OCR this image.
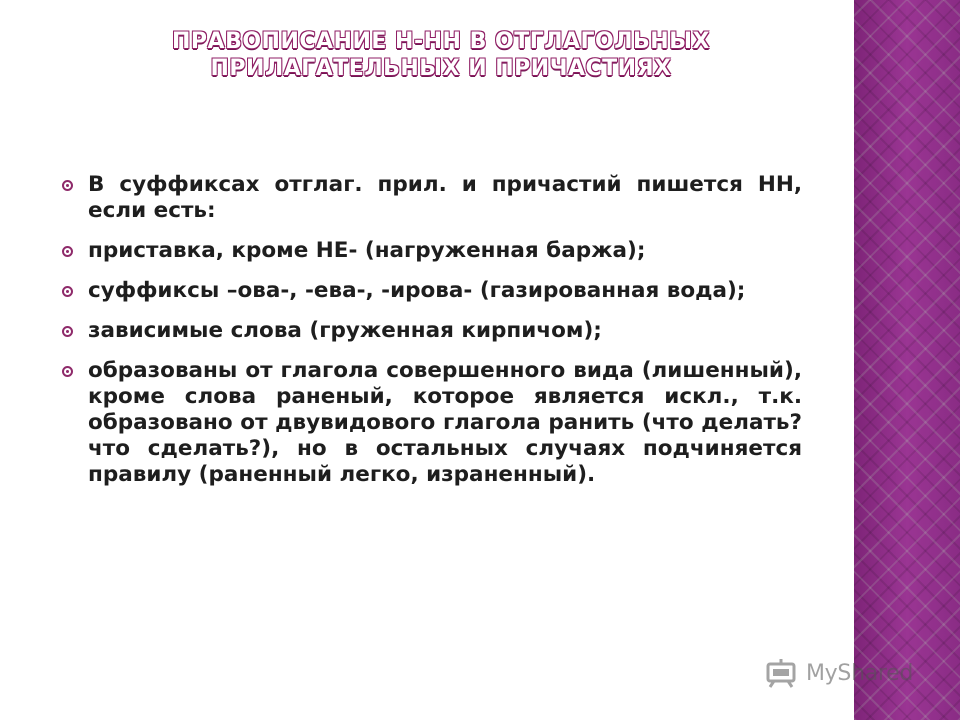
ПРАВОПИСАНИЕ Н-НН В ОТГЛАГОЛЬНЫХ
ПРИЛАГАТЕЛЬНЫХ И ПРИЧАСТИЯХ
В суффиксах отглаг. прил. и причастий пишется НН, если есть:
приставка, кроме НЕ- (нагруженная баржа);
суффиксы –ова-, -ева-, -ирова- (газированная вода);
зависимые слова (груженная кирпичом);
образованы от глагола совершенного вида (лишенный), кроме слова раненый, которое является искл., т.к. образовано от двувидового глагола ранить (что делать? что сделать?), но в остальных случаях подчиняется правилу (раненный легко, израненный).
MyShared
